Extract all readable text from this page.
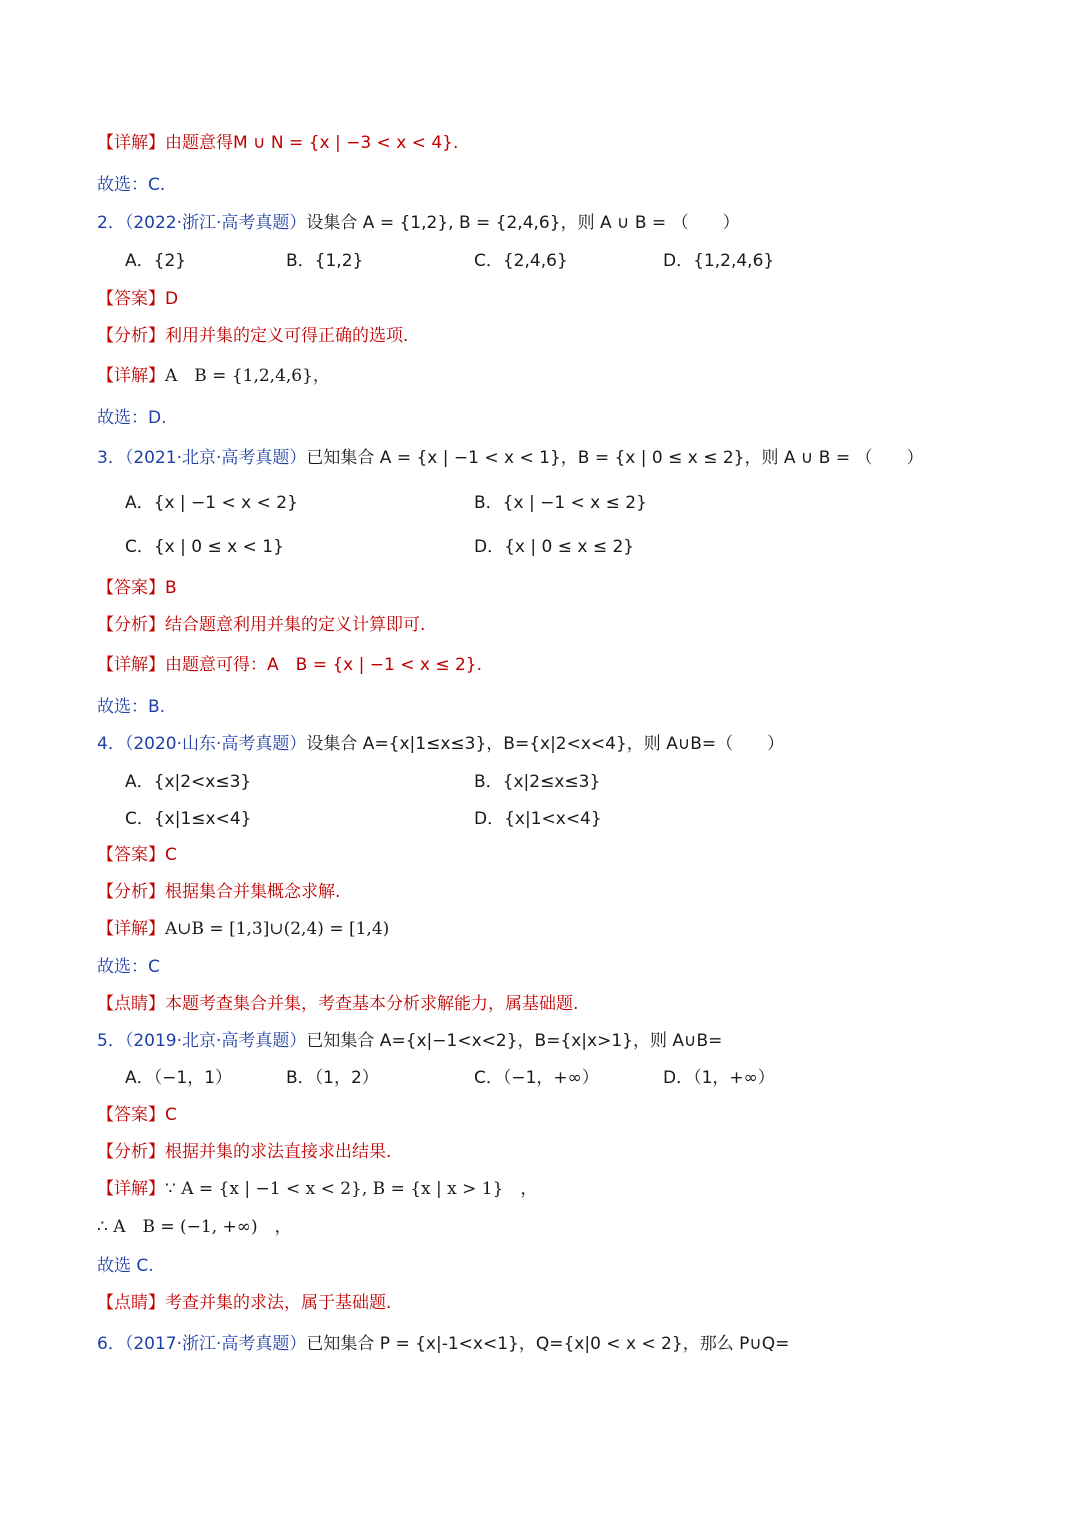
【详解】由题意得M ∪ N = {x | −3 < x < 4}.
故选：C.
2．（2022·浙江·高考真题）设集合 A = {1,2}, B = {2,4,6}，则 A ∪ B = （　　）
A．{2}	B．{1,2}	C．{2,4,6}	D．{1,2,4,6}
【答案】D
【分析】利用并集的定义可得正确的选项.
【详解】A　B = {1,2,4,6}，
故选：D.
3．（2021·北京·高考真题）已知集合 A = {x | −1 < x < 1}，B = {x | 0 ≤ x ≤ 2}，则 A ∪ B = （　　）
A．{x | −1 < x < 2}	B．{x | −1 < x ≤ 2}
C．{x | 0 ≤ x < 1}	D．{x | 0 ≤ x ≤ 2}
【答案】B
【分析】结合题意利用并集的定义计算即可.
【详解】由题意可得：A　B = {x | −1 < x ≤ 2}.
故选：B.
4．（2020·山东·高考真题）设集合 A={x|1≤x≤3}，B={x|2<x<4}，则 A∪B=（　　）
A．{x|2<x≤3}	B．{x|2≤x≤3}
C．{x|1≤x<4}	D．{x|1<x<4}
【答案】C
【分析】根据集合并集概念求解.
【详解】A∪B = [1,3]∪(2,4) = [1,4)
故选：C
【点睛】本题考查集合并集，考查基本分析求解能力，属基础题.
5．（2019·北京·高考真题）已知集合 A={x|−1<x<2}，B={x|x>1}，则 A∪B=
A．（−1，1）	B．（1，2）	C．（−1，+∞）	D．（1，+∞）
【答案】C
【分析】根据并集的求法直接求出结果.
【详解】∵ A = {x | −1 < x < 2}, B = {x | x > 1}　，
∴ A　B = (−1, +∞)　，
故选 C.
【点睛】考查并集的求法，属于基础题.
6．（2017·浙江·高考真题）已知集合 P = {x|-1<x<1}，Q={x|0 < x < 2}，那么 P∪Q=
